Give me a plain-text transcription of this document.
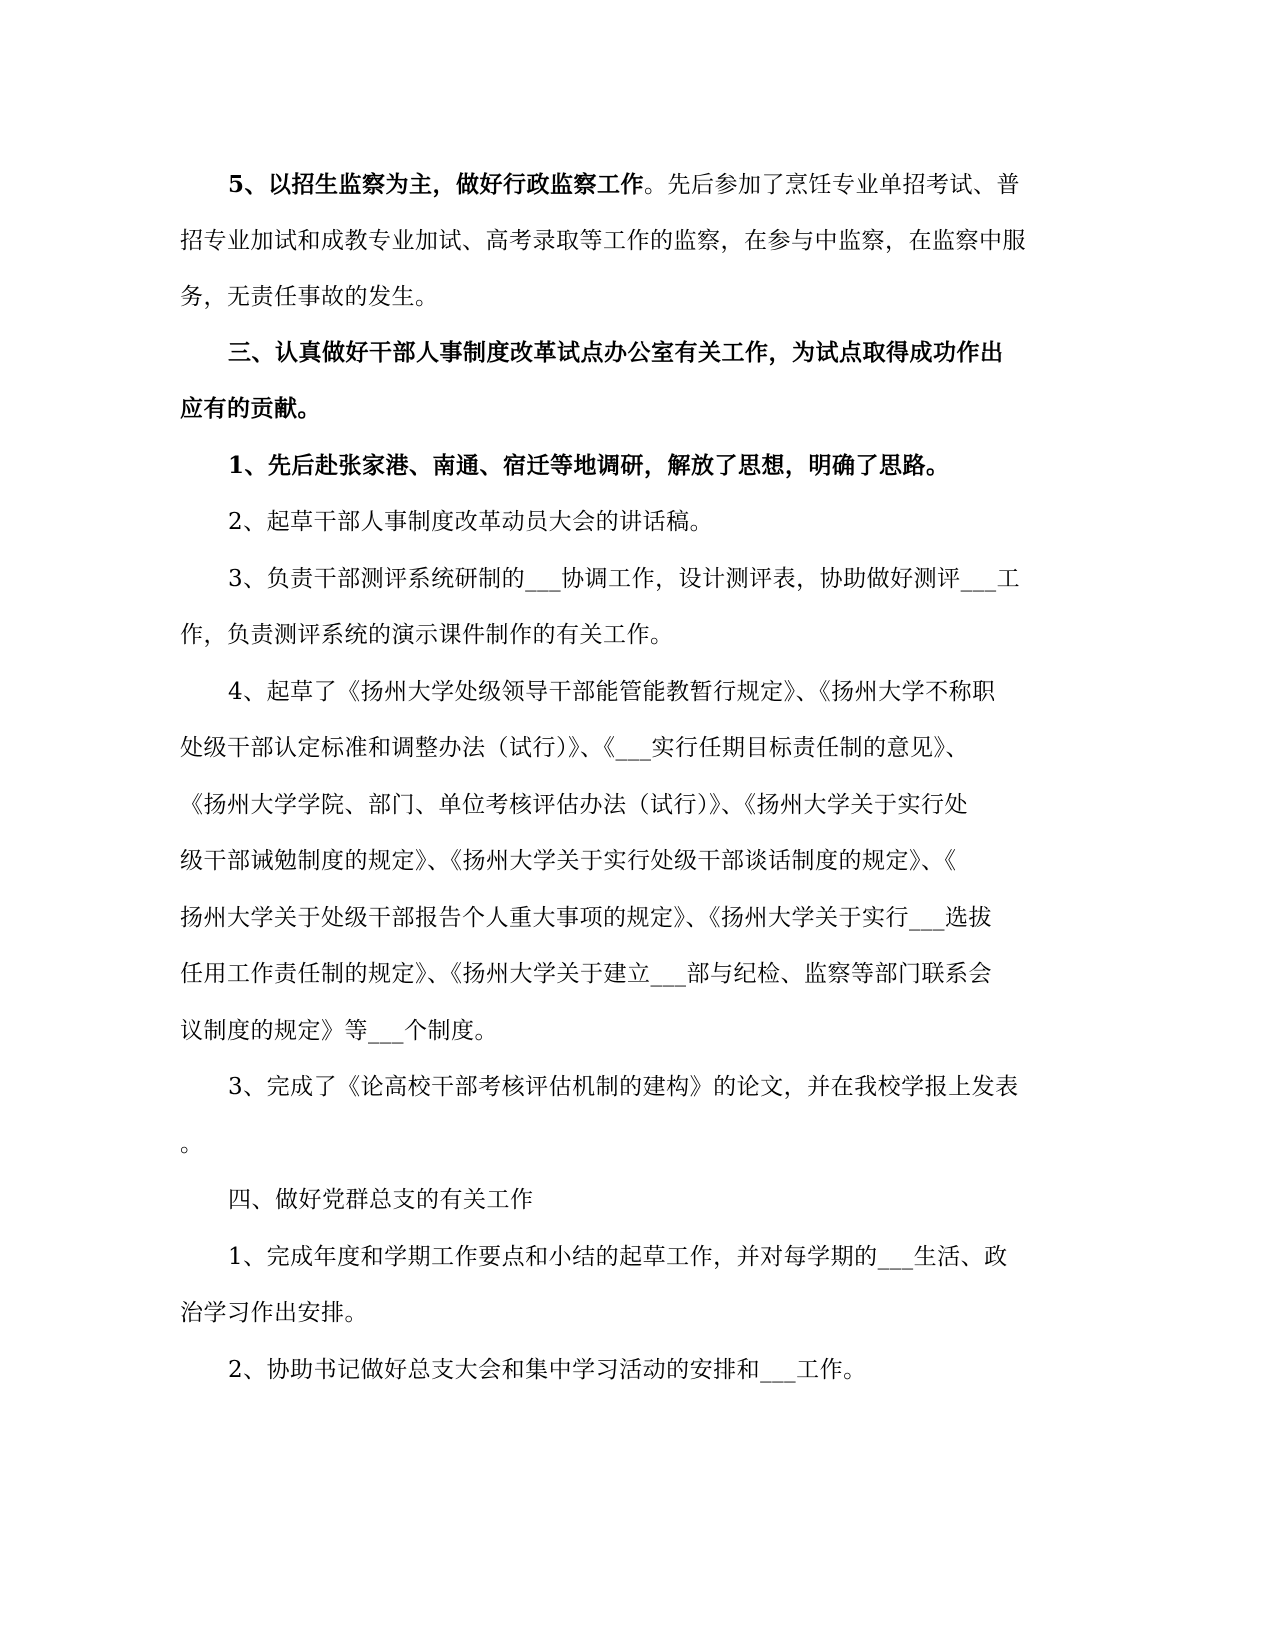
5、以招生监察为主，做好行政监察工作。先后参加了烹饪专业单招考试、普
招专业加试和成教专业加试、高考录取等工作的监察，在参与中监察，在监察中服
务，无责任事故的发生。
三、认真做好干部人事制度改革试点办公室有关工作，为试点取得成功作出
应有的贡献。
1、先后赴张家港、南通、宿迁等地调研，解放了思想，明确了思路。
2、起草干部人事制度改革动员大会的讲话稿。
3、负责干部测评系统研制的___协调工作，设计测评表，协助做好测评___工
作，负责测评系统的演示课件制作的有关工作。
4、起草了《扬州大学处级领导干部能管能教暂行规定》、《扬州大学不称职
处级干部认定标准和调整办法（试行）》、《___实行任期目标责任制的意见》、
《扬州大学学院、部门、单位考核评估办法（试行）》、《扬州大学关于实行处
级干部诫勉制度的规定》、《扬州大学关于实行处级干部谈话制度的规定》、《
扬州大学关于处级干部报告个人重大事项的规定》、《扬州大学关于实行___选拔
任用工作责任制的规定》、《扬州大学关于建立___部与纪检、监察等部门联系会
议制度的规定》等___个制度。
3、完成了《论高校干部考核评估机制的建构》的论文，并在我校学报上发表
。
四、做好党群总支的有关工作
1、完成年度和学期工作要点和小结的起草工作，并对每学期的___生活、政
治学习作出安排。
2、协助书记做好总支大会和集中学习活动的安排和___工作。
